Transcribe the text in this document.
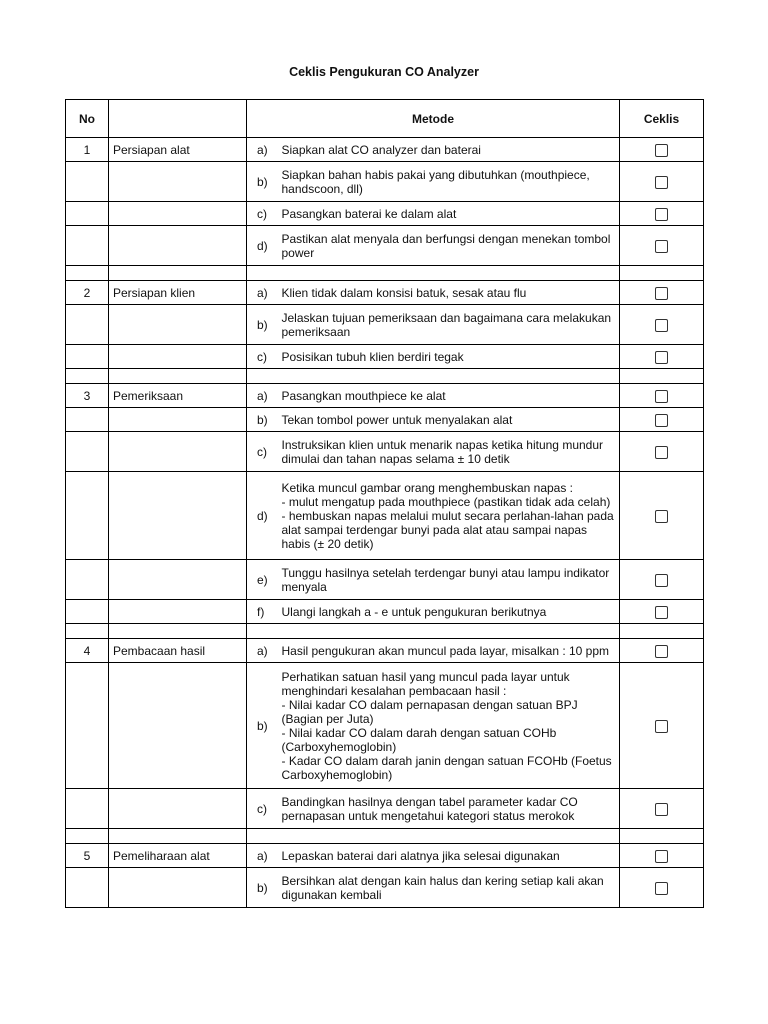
Ceklis Pengukuran CO Analyzer
No		Metode		Ceklis
1	Persiapan alat	a)	Siapkan alat CO analyzer dan baterai	
		b)	Siapkan bahan habis pakai yang dibutuhkan (mouthpiece, handscoon, dll)	
		c)	Pasangkan baterai ke dalam alat	
		d)	Pastikan alat menyala dan berfungsi dengan menekan tombol power	

2	Persiapan klien	a)	Klien tidak dalam konsisi batuk, sesak atau flu	
		b)	Jelaskan tujuan pemeriksaan dan bagaimana cara melakukan pemeriksaan	
		c)	Posisikan tubuh klien berdiri tegak	

3	Pemeriksaan	a)	Pasangkan mouthpiece ke alat	
		b)	Tekan tombol power untuk menyalakan alat	
		c)	Instruksikan klien untuk menarik napas ketika hitung mundur dimulai dan tahan napas selama ± 10 detik	
		d)	Ketika muncul gambar orang menghembuskan napas :
- mulut mengatup pada mouthpiece (pastikan tidak ada celah)
- hembuskan napas melalui mulut secara perlahan-lahan pada alat sampai terdengar bunyi pada alat atau sampai napas habis (± 20 detik)	
		e)	Tunggu hasilnya setelah terdengar bunyi atau lampu indikator menyala	
		f)	Ulangi langkah a - e untuk pengukuran berikutnya	

4	Pembacaan hasil	a)	Hasil pengukuran akan muncul pada layar, misalkan : 10 ppm	
		b)	Perhatikan satuan hasil yang muncul pada layar untuk menghindari kesalahan pembacaan hasil :
- Nilai kadar CO dalam pernapasan dengan satuan BPJ (Bagian per Juta)
- Nilai kadar CO dalam darah dengan satuan COHb (Carboxyhemoglobin)
- Kadar CO dalam darah janin dengan satuan FCOHb (Foetus Carboxyhemoglobin)	
		c)	Bandingkan hasilnya dengan tabel parameter kadar CO pernapasan untuk mengetahui kategori status merokok	

5	Pemeliharaan alat	a)	Lepaskan baterai dari alatnya jika selesai digunakan	
		b)	Bersihkan alat dengan kain halus dan kering setiap kali akan digunakan kembali	
